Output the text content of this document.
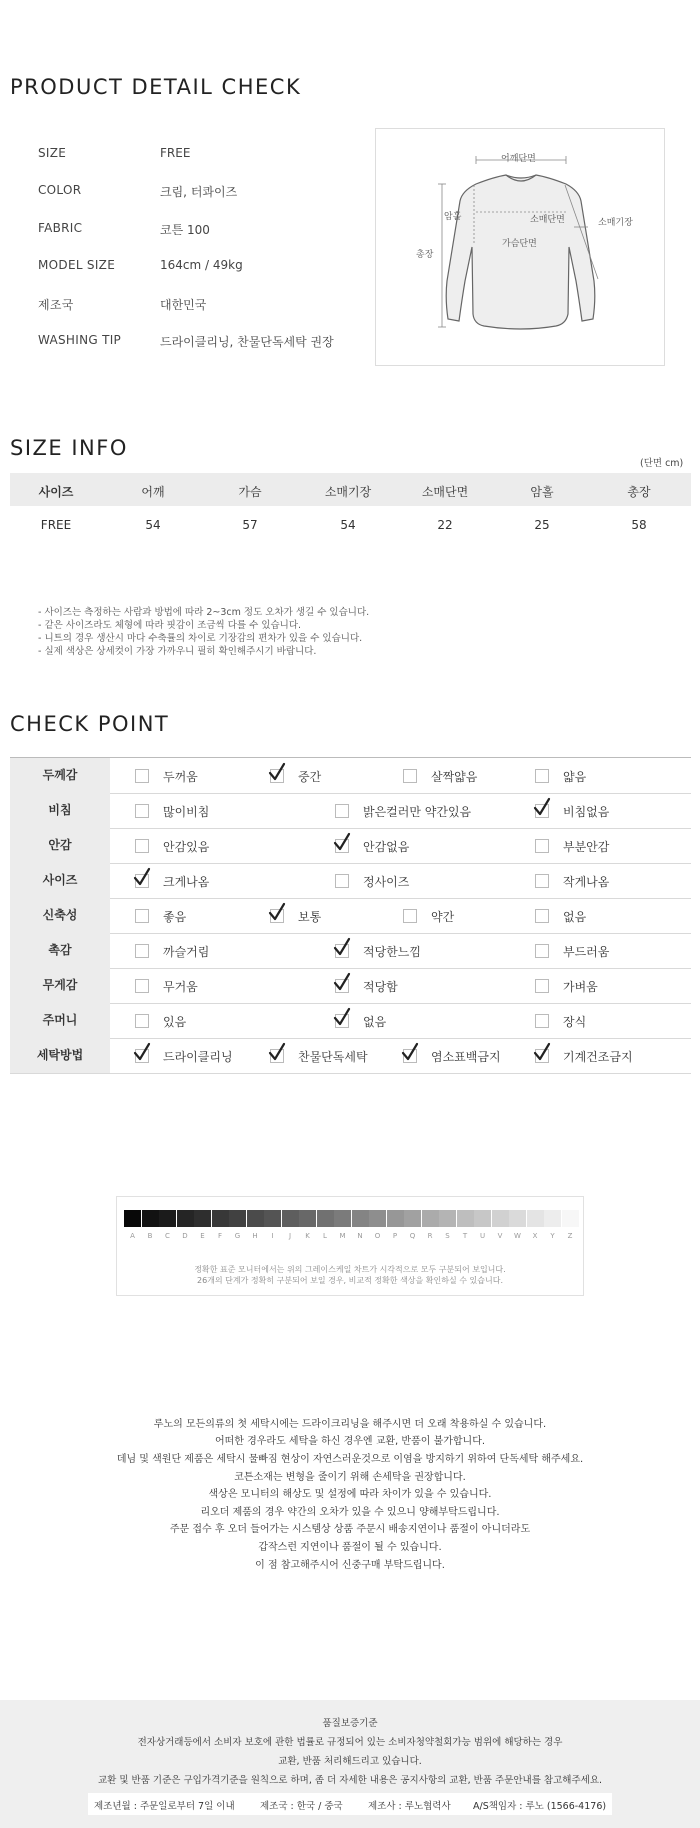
PRODUCT DETAIL CHECK
SIZE	FREE
COLOR	크림, 터콰이즈
FABRIC	코튼 100
MODEL SIZE	164cm / 49kg
제조국	대한민국
WASHING TIP	드라이클리닝, 찬물단독세탁 권장
어깨단면
암홀	소매단면	소매기장
가슴단면
총장
SIZE INFO
(단면 cm)
사이즈	어깨	가슴	소매기장	소매단면	암홀	총장
FREE	54	57	54	22	25	58
- 사이즈는 측정하는 사람과 방법에 따라 2~3cm 정도 오차가 생길 수 있습니다.
- 같은 사이즈라도 체형에 따라 핏감이 조금씩 다를 수 있습니다.
- 니트의 경우 생산시 마다 수축률의 차이로 기장감의 편차가 있을 수 있습니다.
- 실제 색상은 상세컷이 가장 가까우니 필히 확인해주시기 바랍니다.
CHECK POINT
두께감	두꺼움	중간	살짝얇음	얇음
비침	많이비침	밝은컬러만 약간있음	비침없음
안감	안감있음	안감없음	부분안감
사이즈	크게나옴	정사이즈	작게나옴
신축성	좋음	보통	약간	없음
촉감	까슬거림	적당한느낌	부드러움
무게감	무거움	적당함	가벼움
주머니	있음	없음	장식
세탁방법	드라이클리닝	찬물단독세탁	염소표백금지	기계건조금지
A	B	C	D	E	F	G	H	I	J	K	L	M	N	O	P	Q	R	S	T	U	V	W	X	Y	Z
정확한 표준 모니터에서는 위의 그레이스케일 차트가 시각적으로 모두 구분되어 보입니다.
26개의 단계가 정확히 구분되어 보일 경우, 비교적 정확한 색상을 확인하실 수 있습니다.
루노의 모든의류의 첫 세탁시에는 드라이크리닝을 해주시면 더 오래 착용하실 수 있습니다.
어떠한 경우라도 세탁을 하신 경우엔 교환, 반품이 불가합니다.
데님 및 색원단 제품은 세탁시 물빠짐 현상이 자연스러운것으로 이염을 방지하기 위하여 단독세탁 해주세요.
코튼소재는 변형을 줄이기 위해 손세탁을 권장합니다.
색상은 모니터의 해상도 및 설정에 따라 차이가 있을 수 있습니다.
리오더 제품의 경우 약간의 오차가 있을 수 있으니 양해부탁드립니다.
주문 접수 후 오더 들어가는 시스템상 상품 주문시 배송지연이나 품절이 아니더라도
갑작스런 지연이나 품절이 될 수 있습니다.
이 점 참고해주시어 신중구매 부탁드립니다.
품질보증기준
전자상거래등에서 소비자 보호에 관한 법률로 규정되어 있는 소비자청약철회가능 범위에 해당하는 경우
교환, 반품 처리해드리고 있습니다.
교환 및 반품 기준은 구입가격기준을 원칙으로 하며, 좀 더 자세한 내용은 공지사항의 교환, 반품 주문안내를 참고해주세요.
제조년월 : 주문일로부터 7일 이내	제조국 : 한국 / 중국	제조사 : 루노협력사 A/S책임자 : 루노 (1566-4176)
